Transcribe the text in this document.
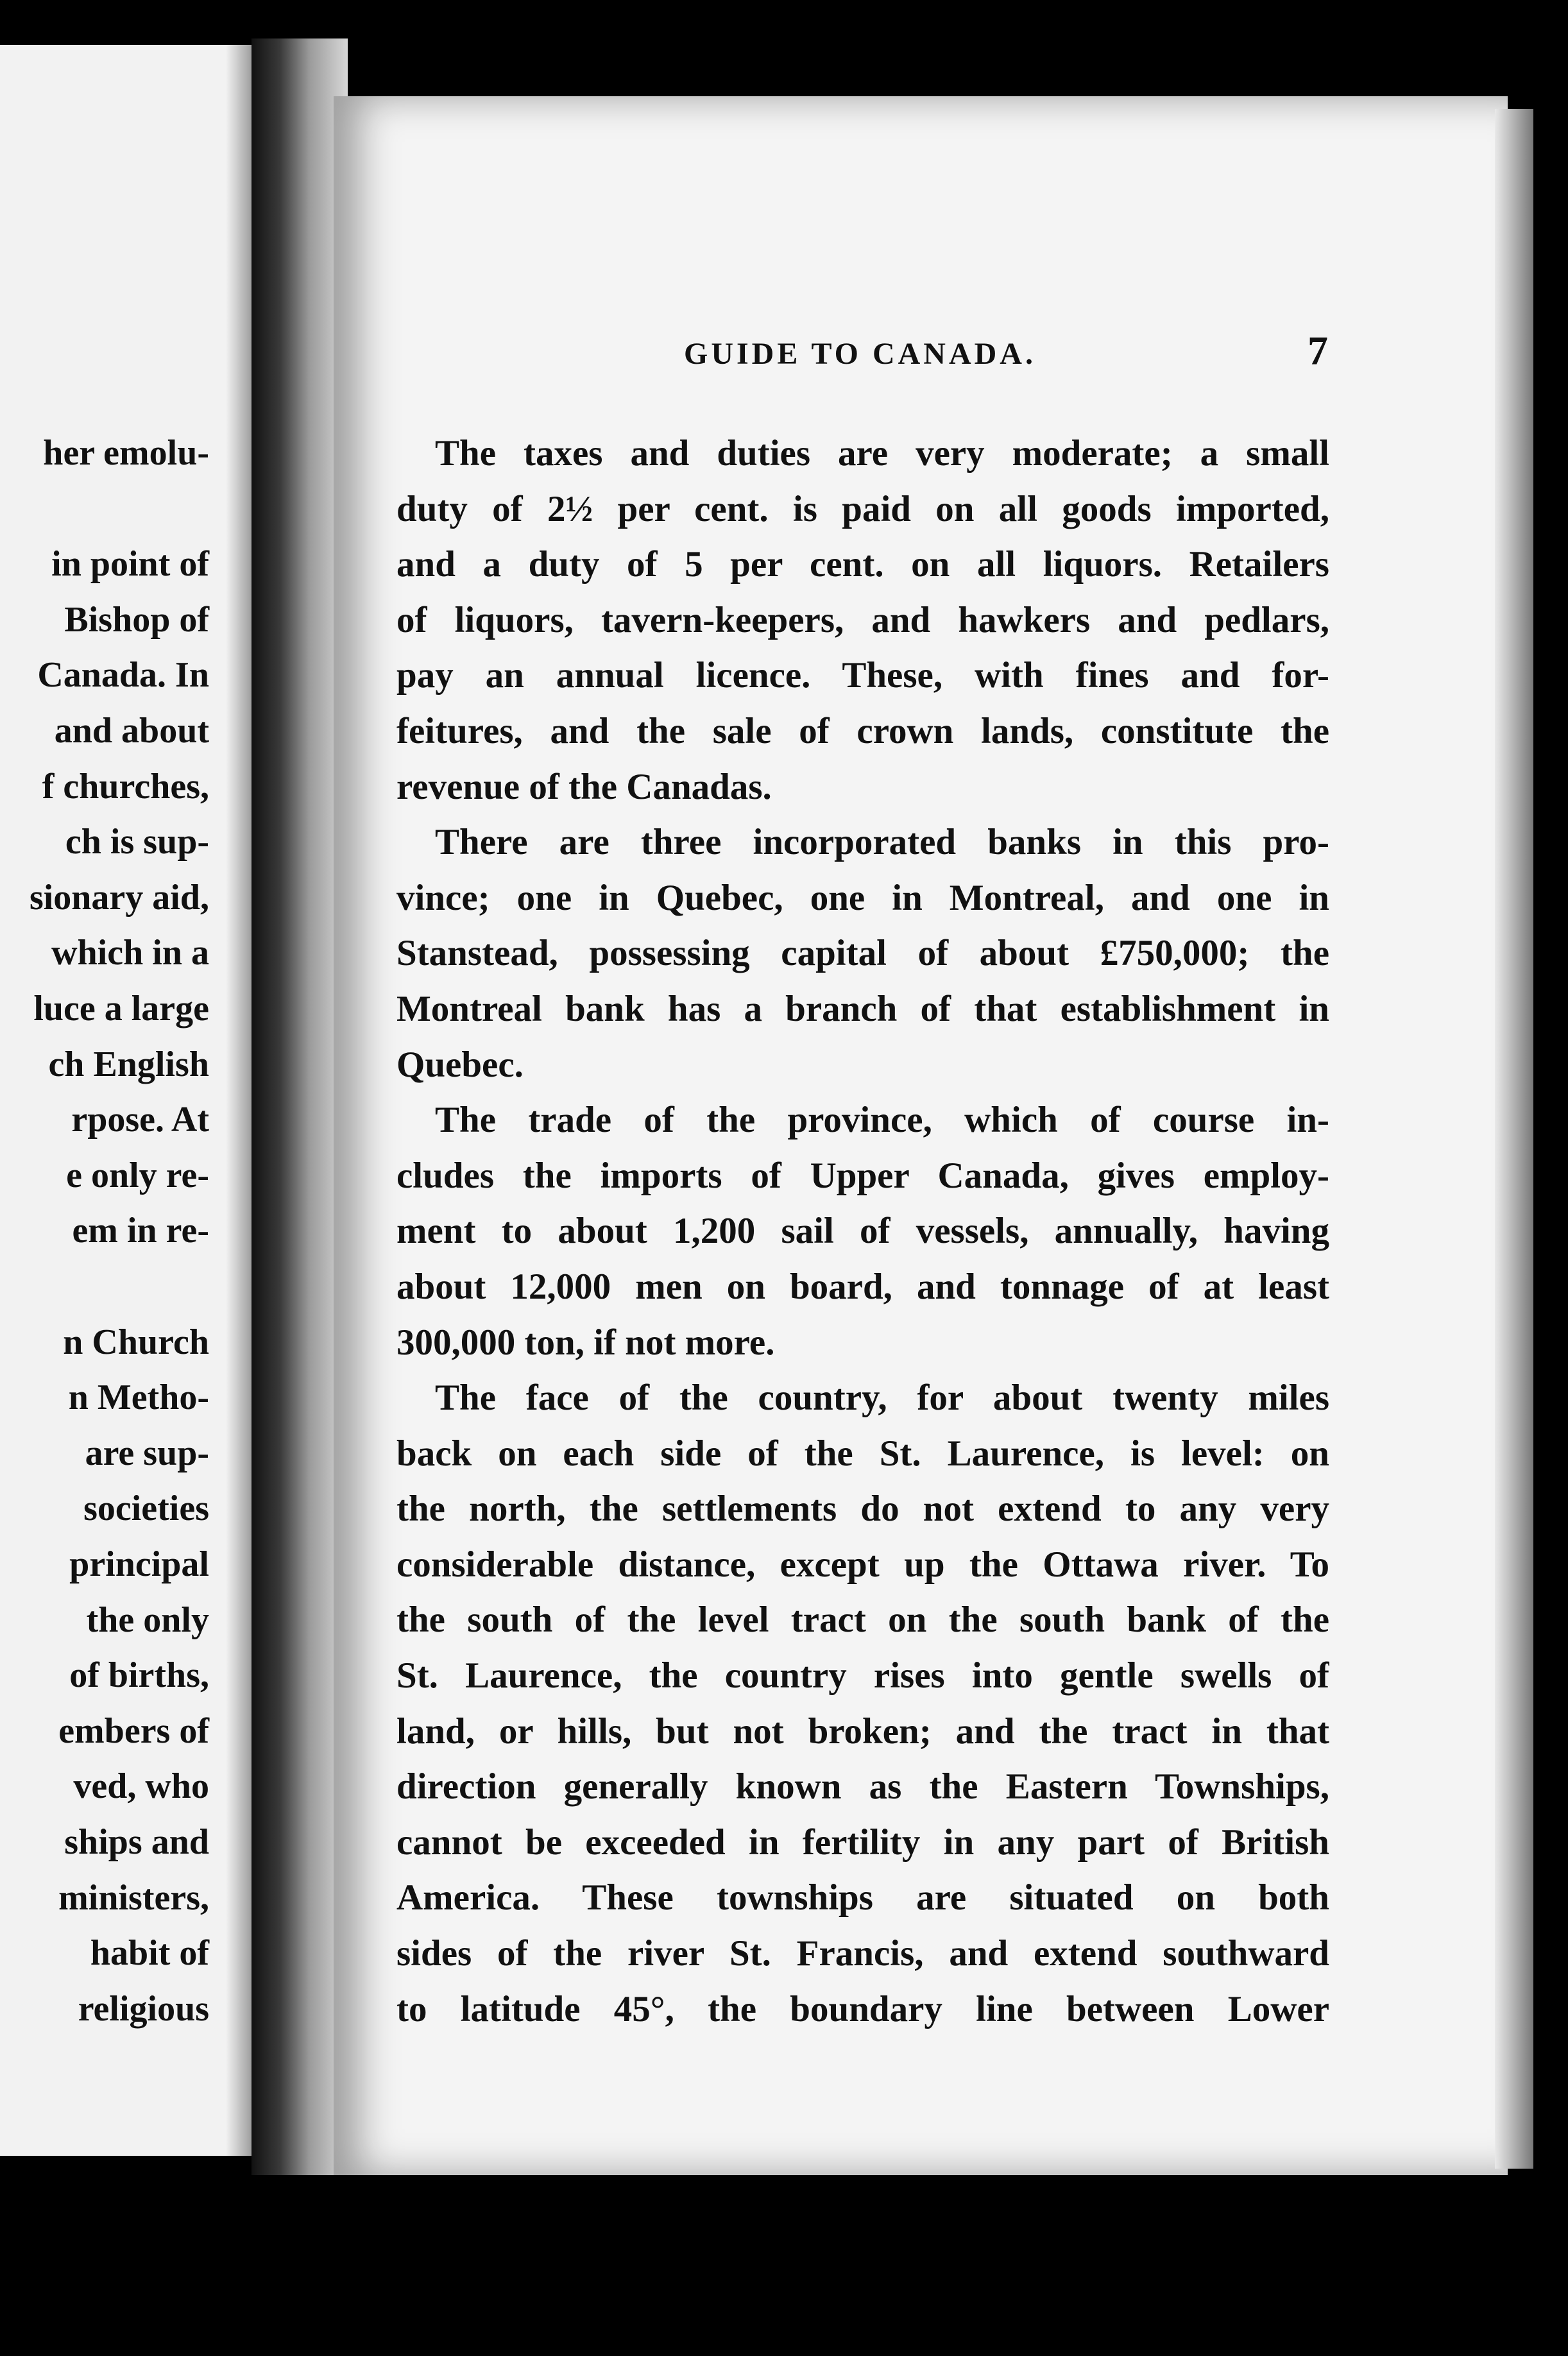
her emolu-
in point of
Bishop of
Canada. In
and about
f churches,
ch is sup-
sionary aid,
which in a
luce a large
ch English
rpose. At
e only re-
em in re-
n Church
n Metho-
are sup-
societies
principal
the only
of births,
embers of
ved, who
ships and
ministers,
habit of
religious
GUIDE TO CANADA.	7
The taxes and duties are very moderate; a small
duty of 2½ per cent. is paid on all goods imported,
and a duty of 5 per cent. on all liquors. Retailers
of liquors, tavern-keepers, and hawkers and pedlars,
pay an annual licence. These, with fines and for-
feitures, and the sale of crown lands, constitute the
revenue of the Canadas.
There are three incorporated banks in this pro-
vince; one in Quebec, one in Montreal, and one in
Stanstead, possessing capital of about £750,000; the
Montreal bank has a branch of that establishment in
Quebec.
The trade of the province, which of course in-
cludes the imports of Upper Canada, gives employ-
ment to about 1,200 sail of vessels, annually, having
about 12,000 men on board, and tonnage of at least
300,000 ton, if not more.
The face of the country, for about twenty miles
back on each side of the St. Laurence, is level: on
the north, the settlements do not extend to any very
considerable distance, except up the Ottawa river. To
the south of the level tract on the south bank of the
St. Laurence, the country rises into gentle swells of
land, or hills, but not broken; and the tract in that
direction generally known as the Eastern Townships,
cannot be exceeded in fertility in any part of British
America. These townships are situated on both
sides of the river St. Francis, and extend southward
to latitude 45°, the boundary line between Lower
